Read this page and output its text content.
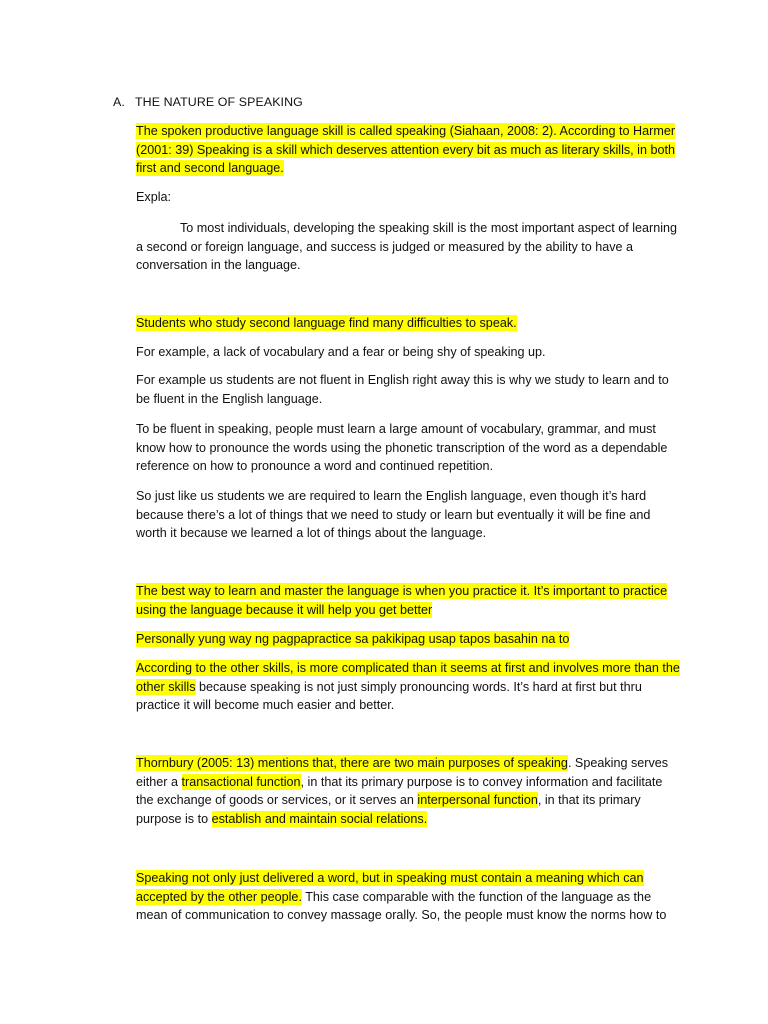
A. THE NATURE OF SPEAKING

The spoken productive language skill is called speaking (Siahaan, 2008: 2). According to Harmer (2001: 39) Speaking is a skill which deserves attention every bit as much as literary skills, in both first and second language.

Expla:

To most individuals, developing the speaking skill is the most important aspect of learning a second or foreign language, and success is judged or measured by the ability to have a conversation in the language.

Students who study second language find many difficulties to speak.

For example, a lack of vocabulary and a fear or being shy of speaking up.

For example us students are not fluent in English right away this is why we study to learn and to be fluent in the English language.

To be fluent in speaking, people must learn a large amount of vocabulary, grammar, and must know how to pronounce the words using the phonetic transcription of the word as a dependable reference on how to pronounce a word and continued repetition.

So just like us students we are required to learn the English language, even though it’s hard because there’s a lot of things that we need to study or learn but eventually it will be fine and worth it because we learned a lot of things about the language.

The best way to learn and master the language is when you practice it. It’s important to practice using the language because it will help you get better

Personally yung way ng pagpapractice sa pakikipag usap tapos basahin na to

According to the other skills, is more complicated than it seems at first and involves more than the other skills because speaking is not just simply pronouncing words. It’s hard at first but thru practice it will become much easier and better.

Thornbury (2005: 13) mentions that, there are two main purposes of speaking. Speaking serves either a transactional function, in that its primary purpose is to convey information and facilitate the exchange of goods or services, or it serves an interpersonal function, in that its primary purpose is to establish and maintain social relations.

Speaking not only just delivered a word, but in speaking must contain a meaning which can accepted by the other people. This case comparable with the function of the language as the mean of communication to convey massage orally. So, the people must know the norms how to
